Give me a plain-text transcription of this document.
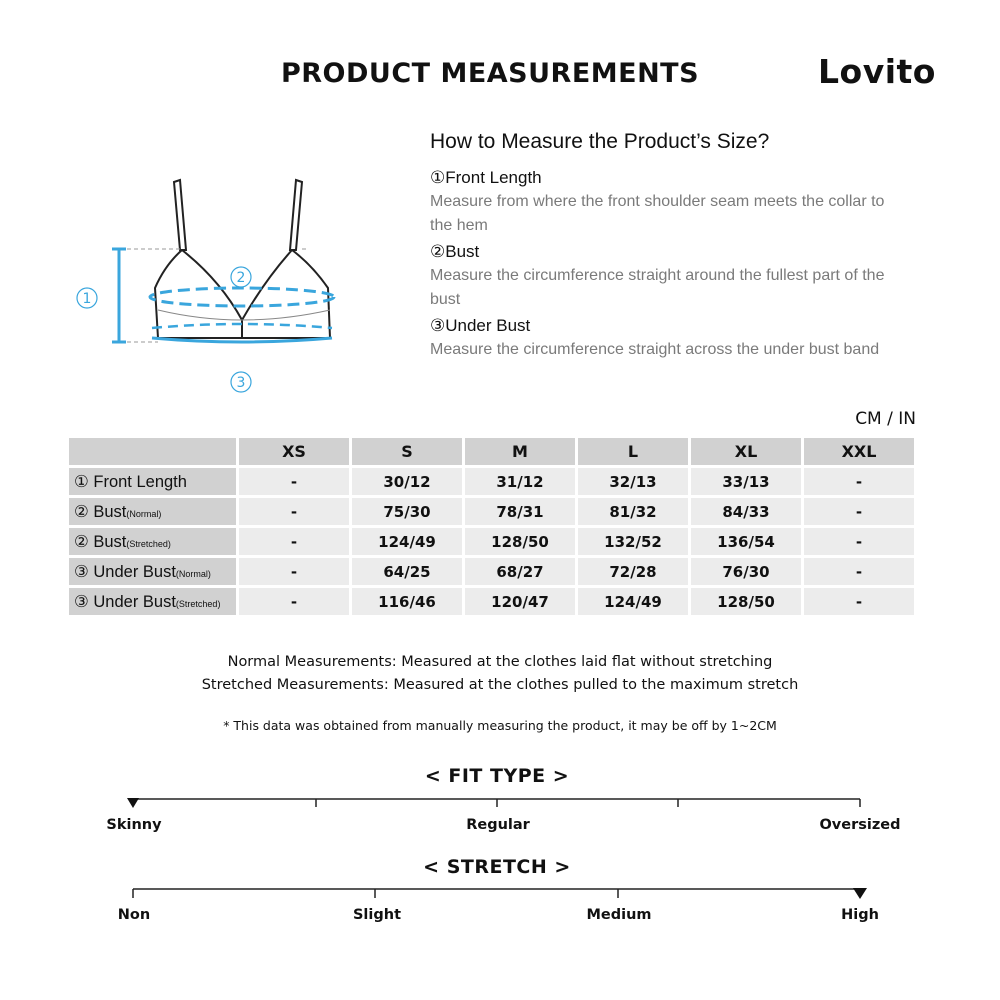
PRODUCT MEASUREMENTS	Lovito
1
2
3
How to Measure the Product’s Size?
①Front Length
Measure from where the front shoulder seam meets the collar to the hem
②Bust
Measure the circumference straight around the fullest part of the bust
③Under Bust
Measure the circumference straight across the under bust band
CM / IN
	XS	S	M	L	XL	XXL
① Front Length	-	30/12	31/12	32/13	33/13	-
② Bust(Normal)	-	75/30	78/31	81/32	84/33	-
② Bust(Stretched)	-	124/49	128/50	132/52	136/54	-
③ Under Bust(Normal)	-	64/25	68/27	72/28	76/30	-
③ Under Bust(Stretched)	-	116/46	120/47	124/49	128/50	-
Normal Measurements: Measured at the clothes laid flat without stretching
Stretched Measurements: Measured at the clothes pulled to the maximum stretch
* This data was obtained from manually measuring the product, it may be off by 1~2CM
< FIT TYPE >
Skinny	Regular	Oversized
< STRETCH >
Non	Slight	Medium	High
